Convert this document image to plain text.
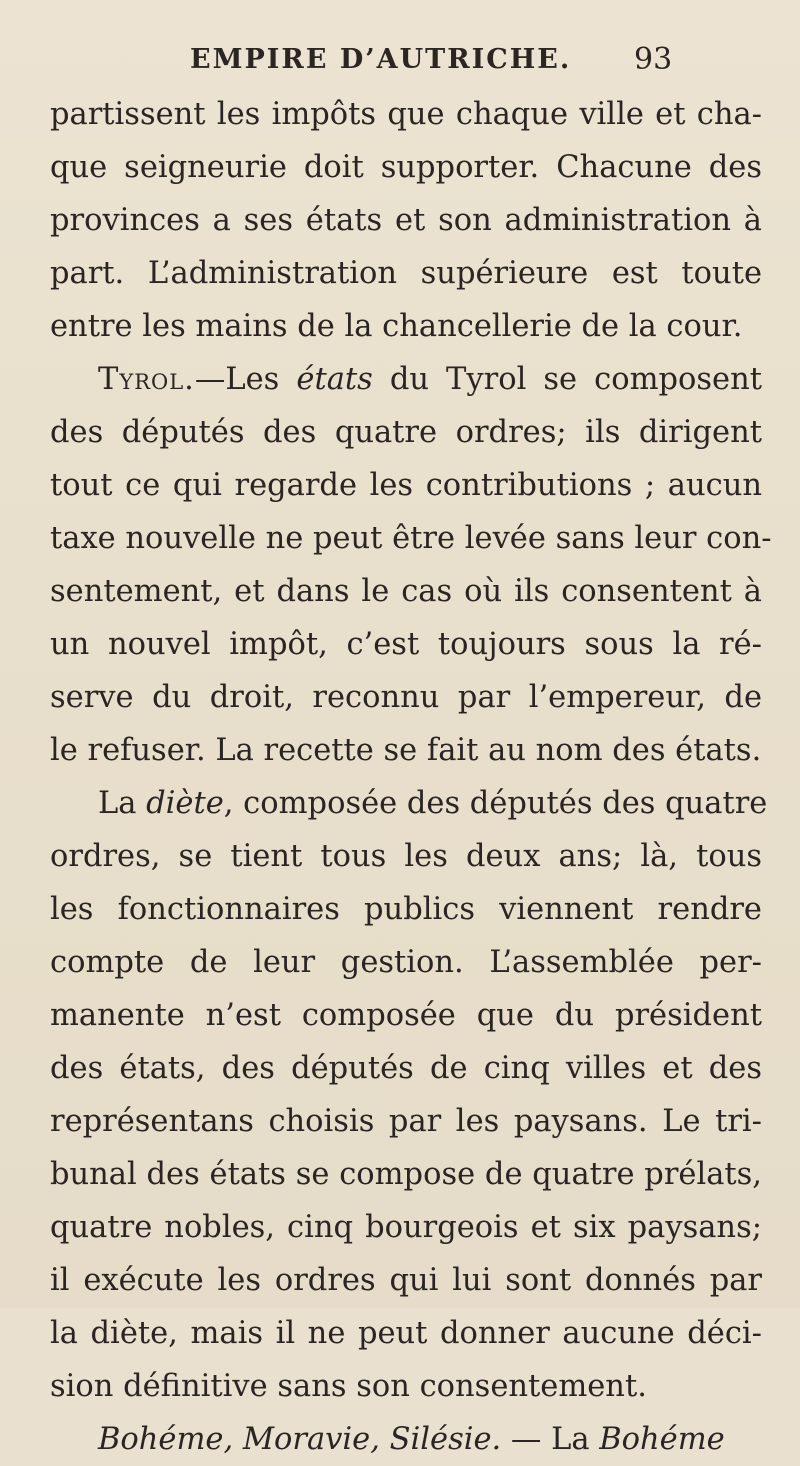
EMPIRE D’AUTRICHE. 93
partissent les impôts que chaque ville et cha-
que seigneurie doit supporter. Chacune des
provinces a ses états et son administration à
part. L’administration supérieure est toute
entre les mains de la chancellerie de la cour.
Tyrol.—Les états du Tyrol se composent
des députés des quatre ordres; ils dirigent
tout ce qui regarde les contributions ; aucun
taxe nouvelle ne peut être levée sans leur con-
sentement, et dans le cas où ils consentent à
un nouvel impôt, c’est toujours sous la ré-
serve du droit, reconnu par l’empereur, de
le refuser. La recette se fait au nom des états.
La diète, composée des députés des quatre
ordres, se tient tous les deux ans; là, tous
les fonctionnaires publics viennent rendre
compte de leur gestion. L’assemblée per-
manente n’est composée que du président
des états, des députés de cinq villes et des
représentans choisis par les paysans. Le tri-
bunal des états se compose de quatre prélats,
quatre nobles, cinq bourgeois et six paysans;
il exécute les ordres qui lui sont donnés par
la diète, mais il ne peut donner aucune déci-
sion définitive sans son consentement.
Bohéme, Moravie, Silésie. — La Bohéme
